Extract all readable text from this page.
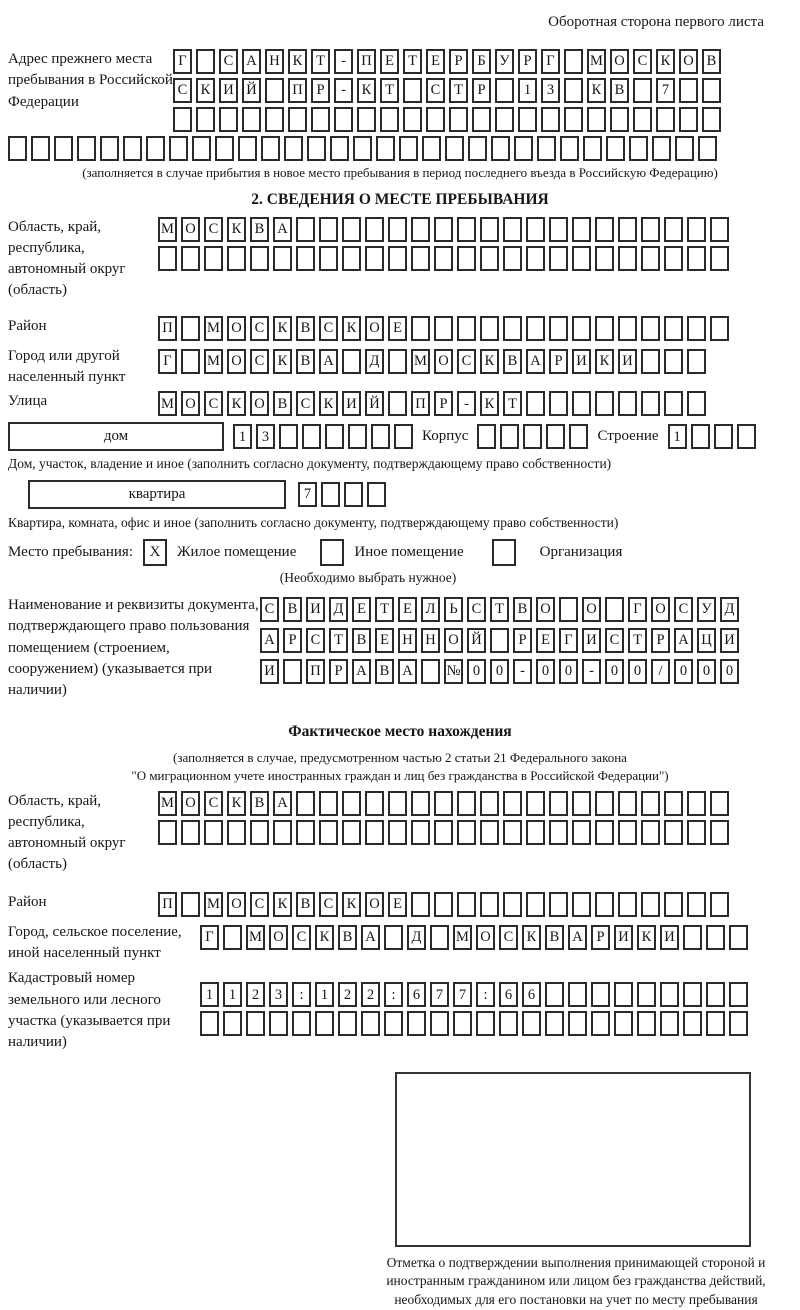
Оборотная сторона первого листа
Адрес прежнего места пребывания в Российской Федерации
Г	С А Н К Т	-	П Е Т Е	Р	Б У Р	Г	М О С К О В
С К И Й П Р	-	К Т	С Т	Р	1	3	К В	7
(заполняется в случае прибытия в новое место пребывания в период последнего въезда в Российскую Федерацию)
2. СВЕДЕНИЯ О МЕСТЕ ПРЕБЫВАНИЯ
Область, край, республика, автономный округ (область)
М О С К В А
Район	П М О С К В С К О Е
Город или другой населенный пункт
Г	М О С К В А	Д	М О С К В А Р И К И
Улица	М О С К О В С К И Й П Р	-	К Т
дом	1	3	Корпус	Строение	1
Дом, участок, владение и иное (заполнить согласно документу, подтверждающему право собственности)
квартира	7
Квартира, комната, офис и иное (заполнить согласно документу, подтверждающему право собственности)
Место пребывания:	X	Жилое помещение	Иное помещение	Организация
(Необходимо выбрать нужное)
Наименование и реквизиты документа, подтверждающего право пользования помещением (строением, сооружением) (указывается при наличии)
С В И Д Е Т Е Л Ь С Т В О О	Г О С У Д
А Р С Т В Е Н Н О Й	Р	Е Г И С Т	Р А Ц И
И П Р А В А № 0	0	-	0	0	-	0	0	/	0	0	0
Фактическое место нахождения
(заполняется в случае, предусмотренном частью 2 статьи 21 Федерального закона
"О миграционном учете иностранных граждан и лиц без гражданства в Российской Федерации")
Область, край, республика, автономный округ (область)
М О С К В А
Район	П М О С К В С К О Е
Город, сельское поселение, иной населенный пункт
Г	М О С К В А	Д	М О С К В А Р И К И
Кадастровый номер земельного или лесного участка (указывается при наличии)
1	1	2	3	:	1	2	2	:	6	7	7	:	6	6
Отметка о подтверждении выполнения принимающей стороной и иностранным гражданином или лицом без гражданства действий, необходимых для его постановки на учет по месту пребывания
